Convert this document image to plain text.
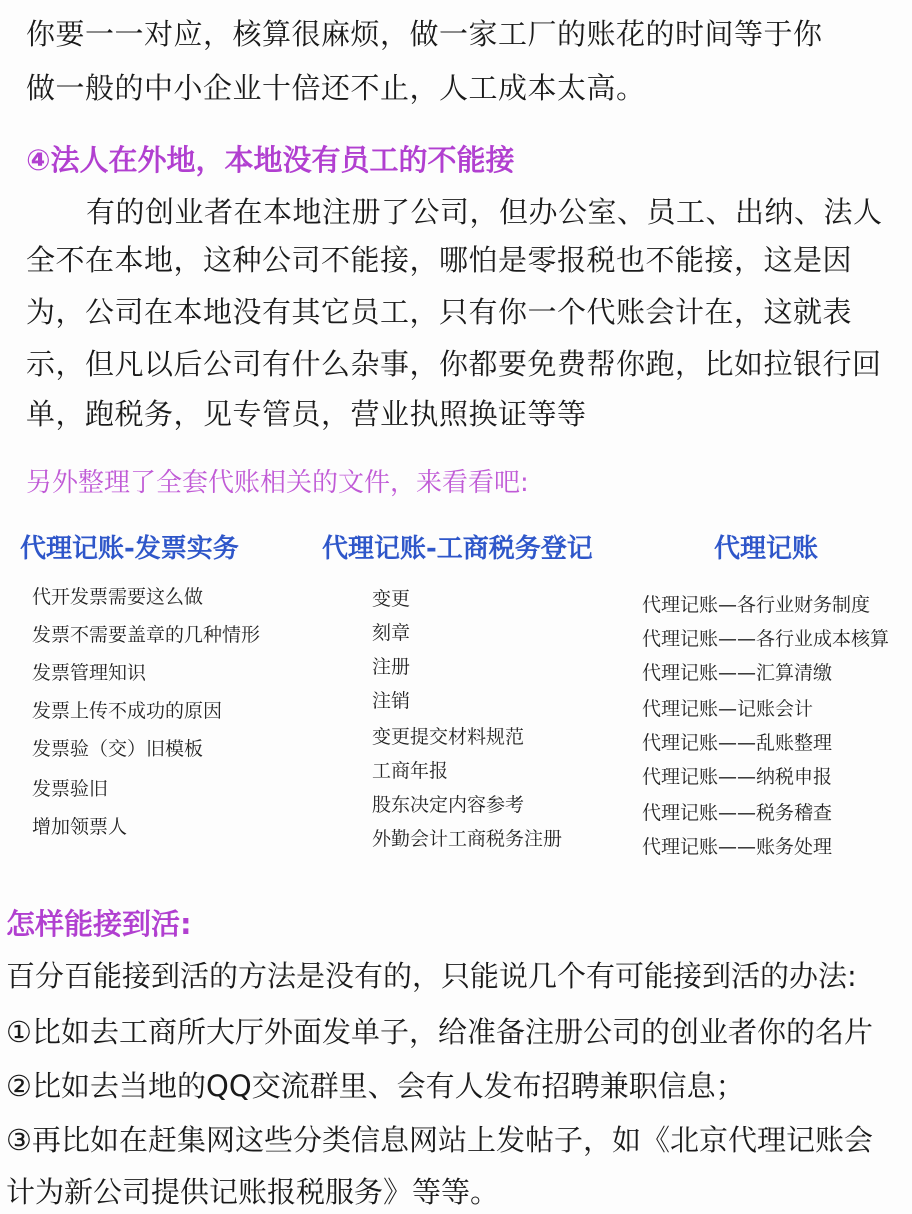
你要一一对应，核算很麻烦，做一家工厂的账花的时间等于你
做一般的中小企业十倍还不止，人工成本太高。
④法人在外地，本地没有员工的不能接
有的创业者在本地注册了公司，但办公室、员工、出纳、法人
全不在本地，这种公司不能接，哪怕是零报税也不能接，这是因
为，公司在本地没有其它员工，只有你一个代账会计在，这就表
示，但凡以后公司有什么杂事，你都要免费帮你跑，比如拉银行回
单，跑税务，见专管员，营业执照换证等等
另外整理了全套代账相关的文件，来看看吧:
代理记账-发票实务	代理记账-工商税务登记	代理记账
代开发票需要这么做
发票不需要盖章的几种情形
发票管理知识
发票上传不成功的原因
发票验（交）旧模板
发票验旧
增加领票人
变更
刻章
注册
注销
变更提交材料规范
工商年报
股东决定内容参考
外勤会计工商税务注册
代理记账—各行业财务制度
代理记账——各行业成本核算
代理记账——汇算清缴
代理记账—记账会计
代理记账——乱账整理
代理记账——纳税申报
代理记账——税务稽查
代理记账——账务处理
怎样能接到活:
百分百能接到活的方法是没有的，只能说几个有可能接到活的办法:
①比如去工商所大厅外面发单子，给准备注册公司的创业者你的名片
②比如去当地的QQ交流群里、会有人发布招聘兼职信息；
③再比如在赶集网这些分类信息网站上发帖子，如《北京代理记账会
计为新公司提供记账报税服务》等等。
